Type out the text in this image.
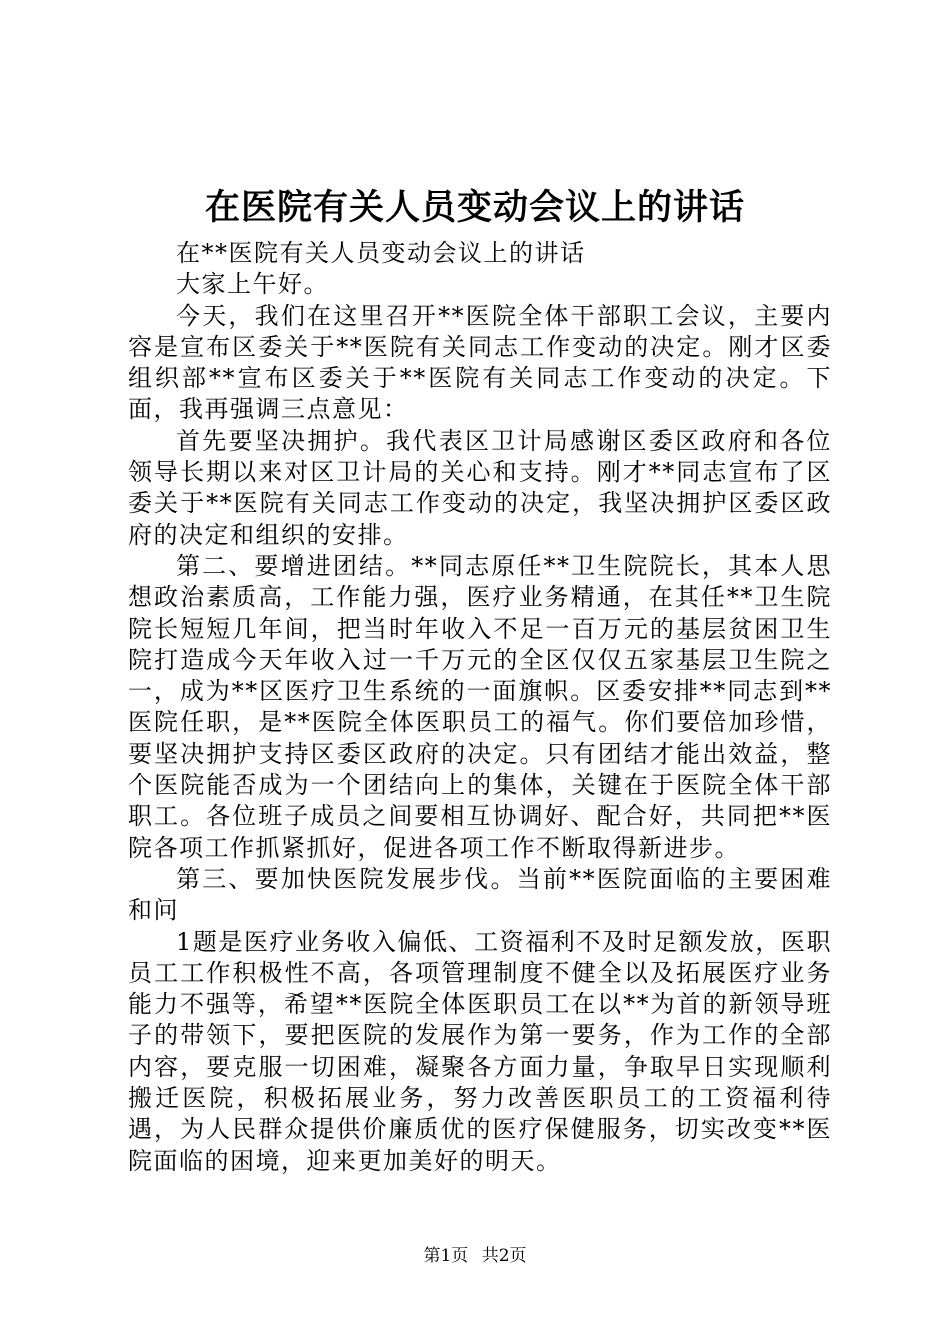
在医院有关人员变动会议上的讲话

在**医院有关人员变动会议上的讲话

大家上午好。

今天，我们在这里召开**医院全体干部职工会议，主要内容是宣布区委关于**医院有关同志工作变动的决定。刚才区委组织部**宣布区委关于**医院有关同志工作变动的决定。下面，我再强调三点意见：

首先要坚决拥护。我代表区卫计局感谢区委区政府和各位领导长期以来对区卫计局的关心和支持。刚才**同志宣布了区委关于**医院有关同志工作变动的决定，我坚决拥护区委区政府的决定和组织的安排。

第二、要增进团结。**同志原任**卫生院院长，其本人思想政治素质高，工作能力强，医疗业务精通，在其任**卫生院院长短短几年间，把当时年收入不足一百万元的基层贫困卫生院打造成今天年收入过一千万元的全区仅仅五家基层卫生院之一，成为**区医疗卫生系统的一面旗帜。区委安排**同志到**医院任职，是**医院全体医职员工的福气。你们要倍加珍惜，要坚决拥护支持区委区政府的决定。只有团结才能出效益，整个医院能否成为一个团结向上的集体，关键在于医院全体干部职工。各位班子成员之间要相互协调好、配合好，共同把**医院各项工作抓紧抓好，促进各项工作不断取得新进步。

第三、要加快医院发展步伐。当前**医院面临的主要困难和问

1题是医疗业务收入偏低、工资福利不及时足额发放，医职员工工作积极性不高，各项管理制度不健全以及拓展医疗业务能力不强等，希望**医院全体医职员工在以**为首的新领导班子的带领下，要把医院的发展作为第一要务，作为工作的全部内容，要克服一切困难，凝聚各方面力量，争取早日实现顺利搬迁医院，积极拓展业务，努力改善医职员工的工资福利待遇，为人民群众提供价廉质优的医疗保健服务，切实改变**医院面临的困境，迎来更加美好的明天。

第1页 共2页
